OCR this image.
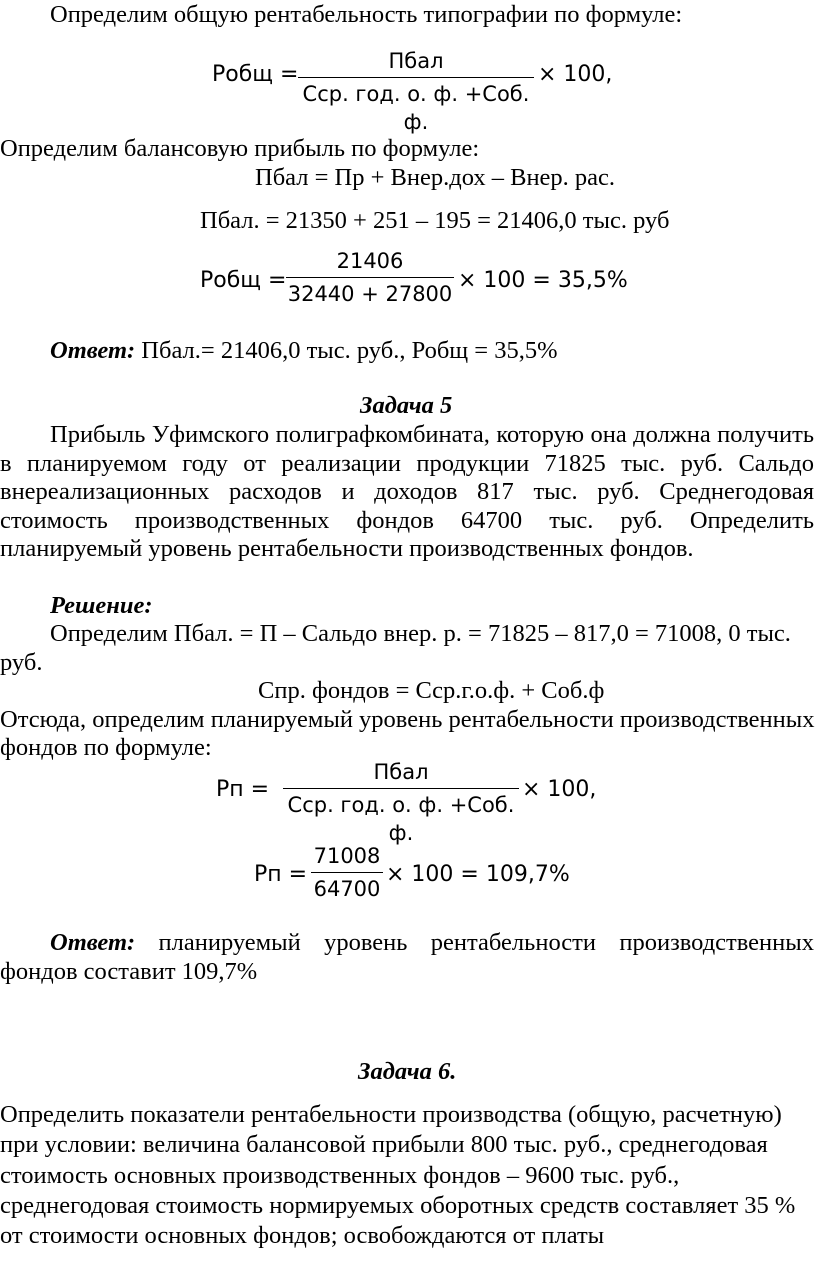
Определим общую рентабельность типографии по формуле:
Робщ =
Пбал
Сср. год. о. ф. +Соб. ф.
× 100,
Определим балансовую прибыль по формуле:
Пбал = Пр + Внер.дох – Внер. рас.
Пбал. = 21350 + 251 – 195 = 21406,0 тыс. руб
Робщ =
21406
32440 + 27800
× 100 = 35,5%
Ответ: Пбал.= 21406,0 тыс. руб., Робщ = 35,5%
Задача 5
Прибыль Уфимского полиграфкомбината, которую она должна получить
в планируемом году от реализации продукции 71825 тыс. руб. Сальдо
внереализационных расходов и доходов 817 тыс. руб. Среднегодовая
стоимость производственных фондов 64700 тыс. руб. Определить
планируемый уровень рентабельности производственных фондов.
Решение:
Определим Пбал. = П – Сальдо внер. р. = 71825 – 817,0 = 71008, 0 тыс.
руб.
Спр. фондов = Сср.г.о.ф. + Соб.ф
Отсюда, определим планируемый уровень рентабельности производственных
фондов по формуле:
Рп =
Пбал
Сср. год. о. ф. +Соб. ф.
× 100,
Рп =
71008
64700
× 100 = 109,7%
Ответ: планируемый уровень рентабельности производственных
фондов составит 109,7%
Задача 6.
Определить показатели рентабельности производства (общую, расчетную)
при условии: величина балансовой прибыли 800 тыс. руб., среднегодовая
стоимость основных производственных фондов – 9600 тыс. руб.,
среднегодовая стоимость нормируемых оборотных средств составляет 35 %
от стоимости основных фондов; освобождаются от платы
